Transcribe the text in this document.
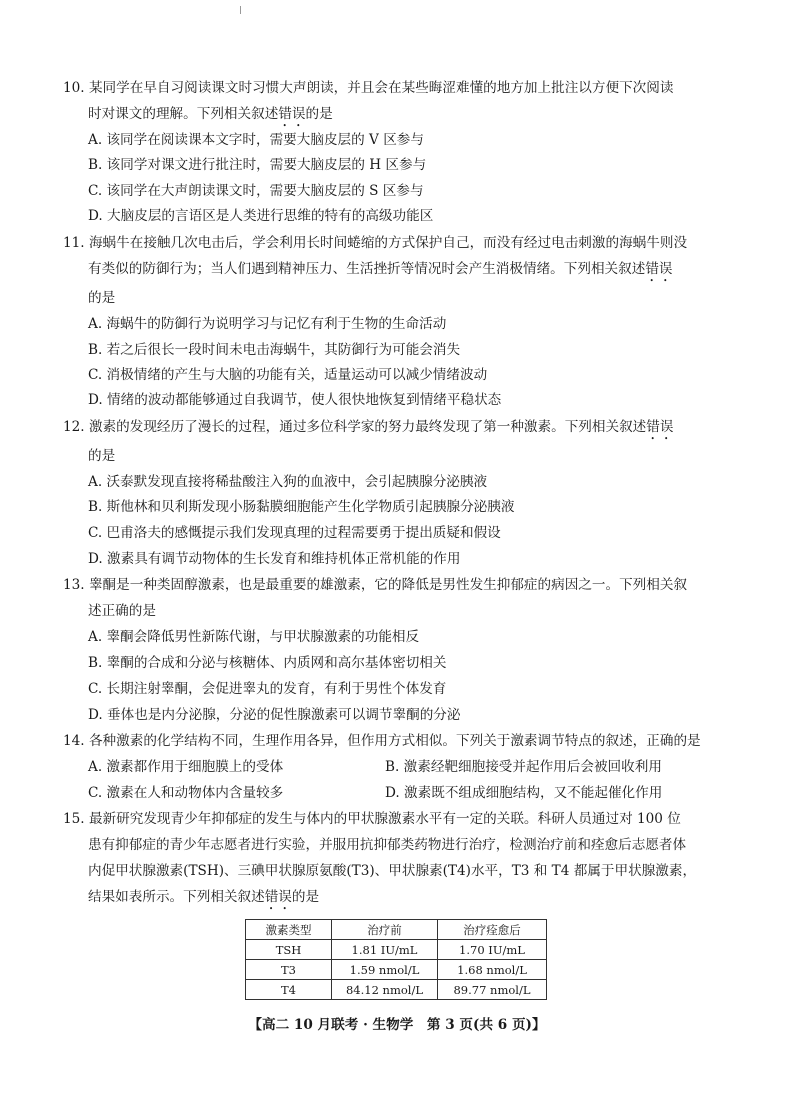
10. 某同学在早自习阅读课文时习惯大声朗读，并且会在某些晦涩难懂的地方加上批注以方便下次阅读
时对课文的理解。下列相关叙述错误的是
A. 该同学在阅读课本文字时，需要大脑皮层的 V 区参与
B. 该同学对课文进行批注时，需要大脑皮层的 H 区参与
C. 该同学在大声朗读课文时，需要大脑皮层的 S 区参与
D. 大脑皮层的言语区是人类进行思维的特有的高级功能区
11. 海蜗牛在接触几次电击后，学会利用长时间蜷缩的方式保护自己，而没有经过电击刺激的海蜗牛则没
有类似的防御行为；当人们遇到精神压力、生活挫折等情况时会产生消极情绪。下列相关叙述错误
的是
A. 海蜗牛的防御行为说明学习与记忆有利于生物的生命活动
B. 若之后很长一段时间未电击海蜗牛，其防御行为可能会消失
C. 消极情绪的产生与大脑的功能有关，适量运动可以减少情绪波动
D. 情绪的波动都能够通过自我调节，使人很快地恢复到情绪平稳状态
12. 激素的发现经历了漫长的过程，通过多位科学家的努力最终发现了第一种激素。下列相关叙述错误
的是
A. 沃泰默发现直接将稀盐酸注入狗的血液中，会引起胰腺分泌胰液
B. 斯他林和贝利斯发现小肠黏膜细胞能产生化学物质引起胰腺分泌胰液
C. 巴甫洛夫的感慨提示我们发现真理的过程需要勇于提出质疑和假设
D. 激素具有调节动物体的生长发育和维持机体正常机能的作用
13. 睾酮是一种类固醇激素，也是最重要的雄激素，它的降低是男性发生抑郁症的病因之一。下列相关叙
述正确的是
A. 睾酮会降低男性新陈代谢，与甲状腺激素的功能相反
B. 睾酮的合成和分泌与核糖体、内质网和高尔基体密切相关
C. 长期注射睾酮，会促进睾丸的发育，有利于男性个体发育
D. 垂体也是内分泌腺，分泌的促性腺激素可以调节睾酮的分泌
14. 各种激素的化学结构不同，生理作用各异，但作用方式相似。下列关于激素调节特点的叙述，正确的是
A. 激素都作用于细胞膜上的受体	B. 激素经靶细胞接受并起作用后会被回收利用
C. 激素在人和动物体内含量较多	D. 激素既不组成细胞结构，又不能起催化作用
15. 最新研究发现青少年抑郁症的发生与体内的甲状腺激素水平有一定的关联。科研人员通过对 100 位
患有抑郁症的青少年志愿者进行实验，并服用抗抑郁类药物进行治疗，检测治疗前和痊愈后志愿者体
内促甲状腺激素(TSH)、三碘甲状腺原氨酸(T3)、甲状腺素(T4)水平，T3 和 T4 都属于甲状腺激素，
结果如表所示。下列相关叙述错误的是
激素类型	治疗前	治疗痊愈后
TSH	1.81 IU/mL	1.70 IU/mL
T3	1.59 nmol/L	1.68 nmol/L
T4	84.12 nmol/L	89.77 nmol/L
【高二 10 月联考 · 生物学　第 3 页(共 6 页)】
